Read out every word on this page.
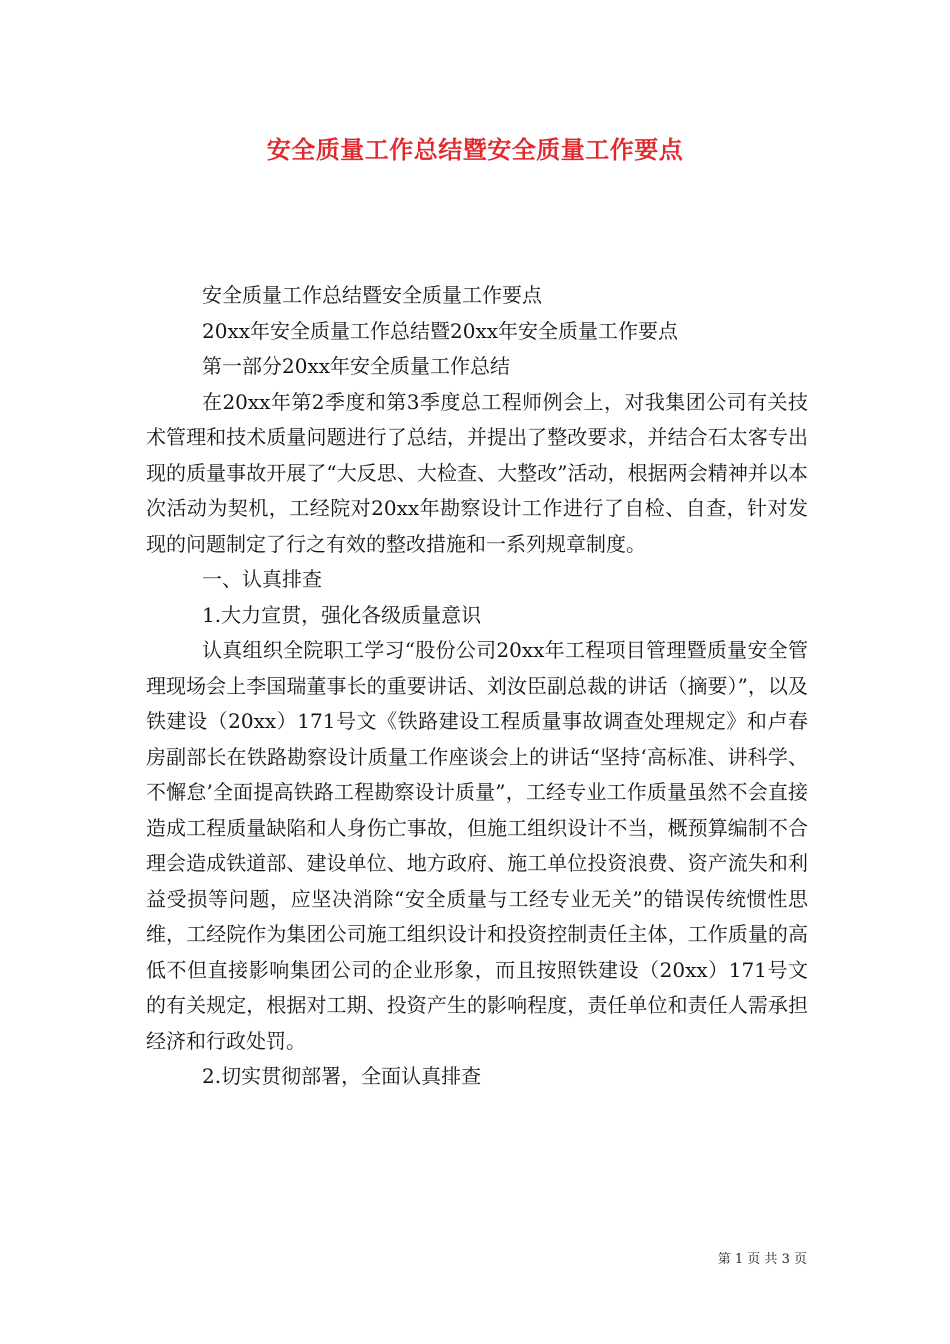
安全质量工作总结暨安全质量工作要点

安全质量工作总结暨安全质量工作要点

20xx年安全质量工作总结暨20xx年安全质量工作要点

第一部分20xx年安全质量工作总结

在20xx年第2季度和第3季度总工程师例会上，对我集团公司有关技术管理和技术质量问题进行了总结，并提出了整改要求，并结合石太客专出现的质量事故开展了“大反思、大检查、大整改”活动，根据两会精神并以本次活动为契机，工经院对20xx年勘察设计工作进行了自检、自查，针对发现的问题制定了行之有效的整改措施和一系列规章制度。

一、认真排查

1.大力宣贯，强化各级质量意识

认真组织全院职工学习“股份公司20xx年工程项目管理暨质量安全管理现场会上李国瑞董事长的重要讲话、刘汝臣副总裁的讲话（摘要）”，以及铁建设（20xx）171号文《铁路建设工程质量事故调查处理规定》和卢春房副部长在铁路勘察设计质量工作座谈会上的讲话“坚持‘高标准、讲科学、不懈怠’全面提高铁路工程勘察设计质量”，工经专业工作质量虽然不会直接造成工程质量缺陷和人身伤亡事故，但施工组织设计不当，概预算编制不合理会造成铁道部、建设单位、地方政府、施工单位投资浪费、资产流失和利益受损等问题，应坚决消除“安全质量与工经专业无关”的错误传统惯性思维，工经院作为集团公司施工组织设计和投资控制责任主体，工作质量的高低不但直接影响集团公司的企业形象，而且按照铁建设（20xx）171号文的有关规定，根据对工期、投资产生的影响程度，责任单位和责任人需承担经济和行政处罚。

2.切实贯彻部署，全面认真排查

第 1 页 共 3 页
